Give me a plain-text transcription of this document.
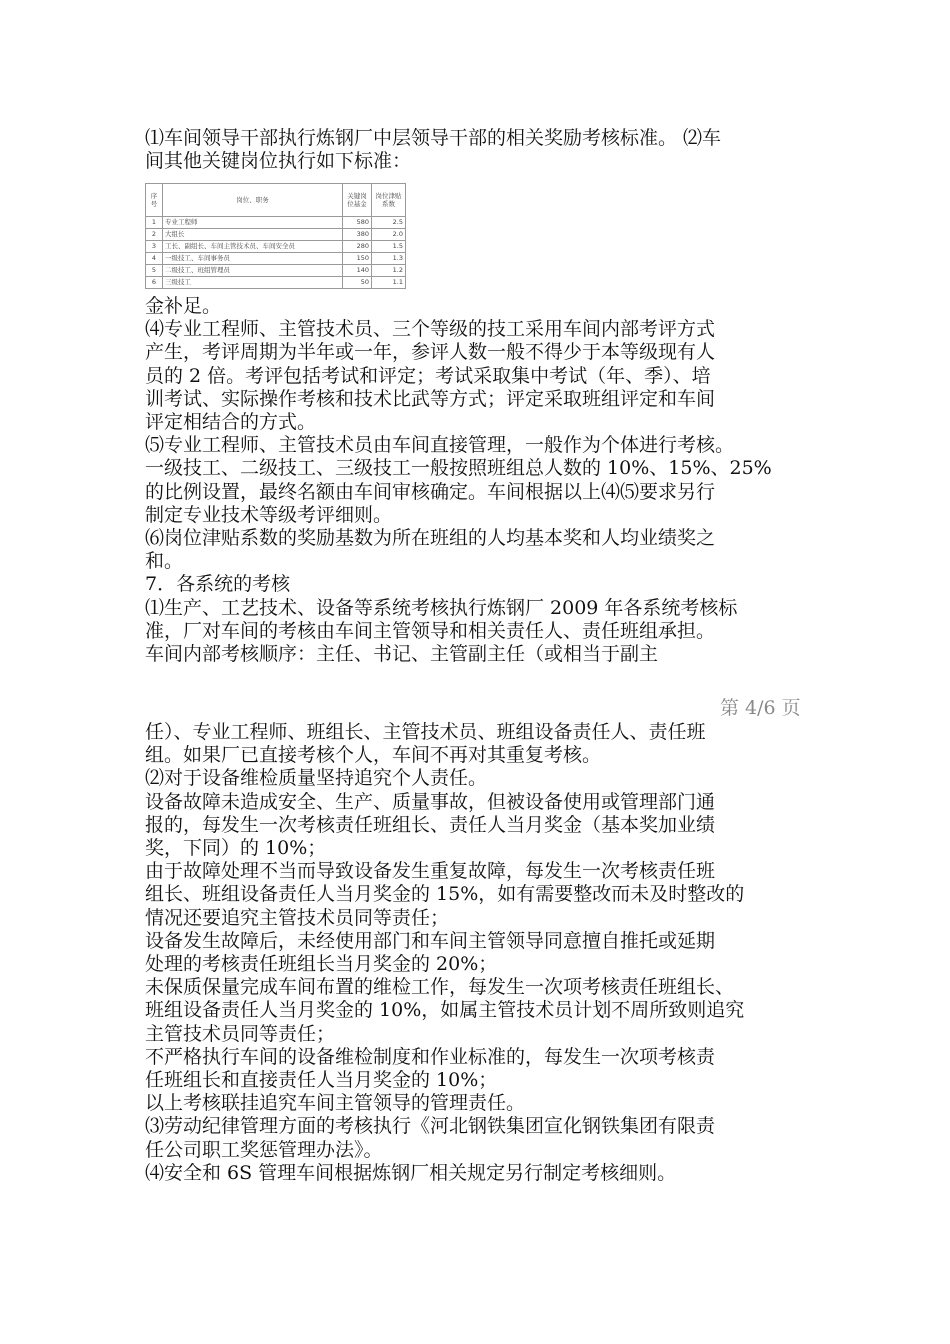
⑴车间领导干部执行炼钢厂中层领导干部的相关奖励考核标准。 ⑵车

间其他关键岗位执行如下标准：

序号	岗位、职务	关键岗位基金	岗位津贴系数
1	专业工程师	580	2.5
2	大组长	380	2.0
3	工长、副组长、车间主管技术员、车间安全员	280	1.5
4	一级技工、车间事务员	150	1.3
5	二级技工、班组管理员	140	1.2
6	三级技工	50	1.1

金补足。

⑷专业工程师、主管技术员、三个等级的技工采用车间内部考评方式

产生，考评周期为半年或一年，参评人数一般不得少于本等级现有人

员的 2 倍。考评包括考试和评定；考试采取集中考试（年、季）、培

训考试、实际操作考核和技术比武等方式；评定采取班组评定和车间

评定相结合的方式。

⑸专业工程师、主管技术员由车间直接管理，一般作为个体进行考核。

一级技工、二级技工、三级技工一般按照班组总人数的 10%、15%、25%

的比例设置，最终名额由车间审核确定。车间根据以上⑷⑸要求另行

制定专业技术等级考评细则。

⑹岗位津贴系数的奖励基数为所在班组的人均基本奖和人均业绩奖之

和。

7．各系统的考核

⑴生产、工艺技术、设备等系统考核执行炼钢厂 2009 年各系统考核标

准，厂对车间的考核由车间主管领导和相关责任人、责任班组承担。

车间内部考核顺序：主任、书记、主管副主任（或相当于副主

第 4/6 页

任）、专业工程师、班组长、主管技术员、班组设备责任人、责任班

组。如果厂已直接考核个人，车间不再对其重复考核。

⑵对于设备维检质量坚持追究个人责任。

设备故障未造成安全、生产、质量事故，但被设备使用或管理部门通

报的，每发生一次考核责任班组长、责任人当月奖金（基本奖加业绩

奖，下同）的 10%；

由于故障处理不当而导致设备发生重复故障，每发生一次考核责任班

组长、班组设备责任人当月奖金的 15%，如有需要整改而未及时整改的

情况还要追究主管技术员同等责任；

设备发生故障后，未经使用部门和车间主管领导同意擅自推托或延期

处理的考核责任班组长当月奖金的 20%；

未保质保量完成车间布置的维检工作，每发生一次项考核责任班组长、

班组设备责任人当月奖金的 10%，如属主管技术员计划不周所致则追究

主管技术员同等责任；

不严格执行车间的设备维检制度和作业标准的，每发生一次项考核责

任班组长和直接责任人当月奖金的 10%；

以上考核联挂追究车间主管领导的管理责任。

⑶劳动纪律管理方面的考核执行《河北钢铁集团宣化钢铁集团有限责

任公司职工奖惩管理办法》。

⑷安全和 6S 管理车间根据炼钢厂相关规定另行制定考核细则。
